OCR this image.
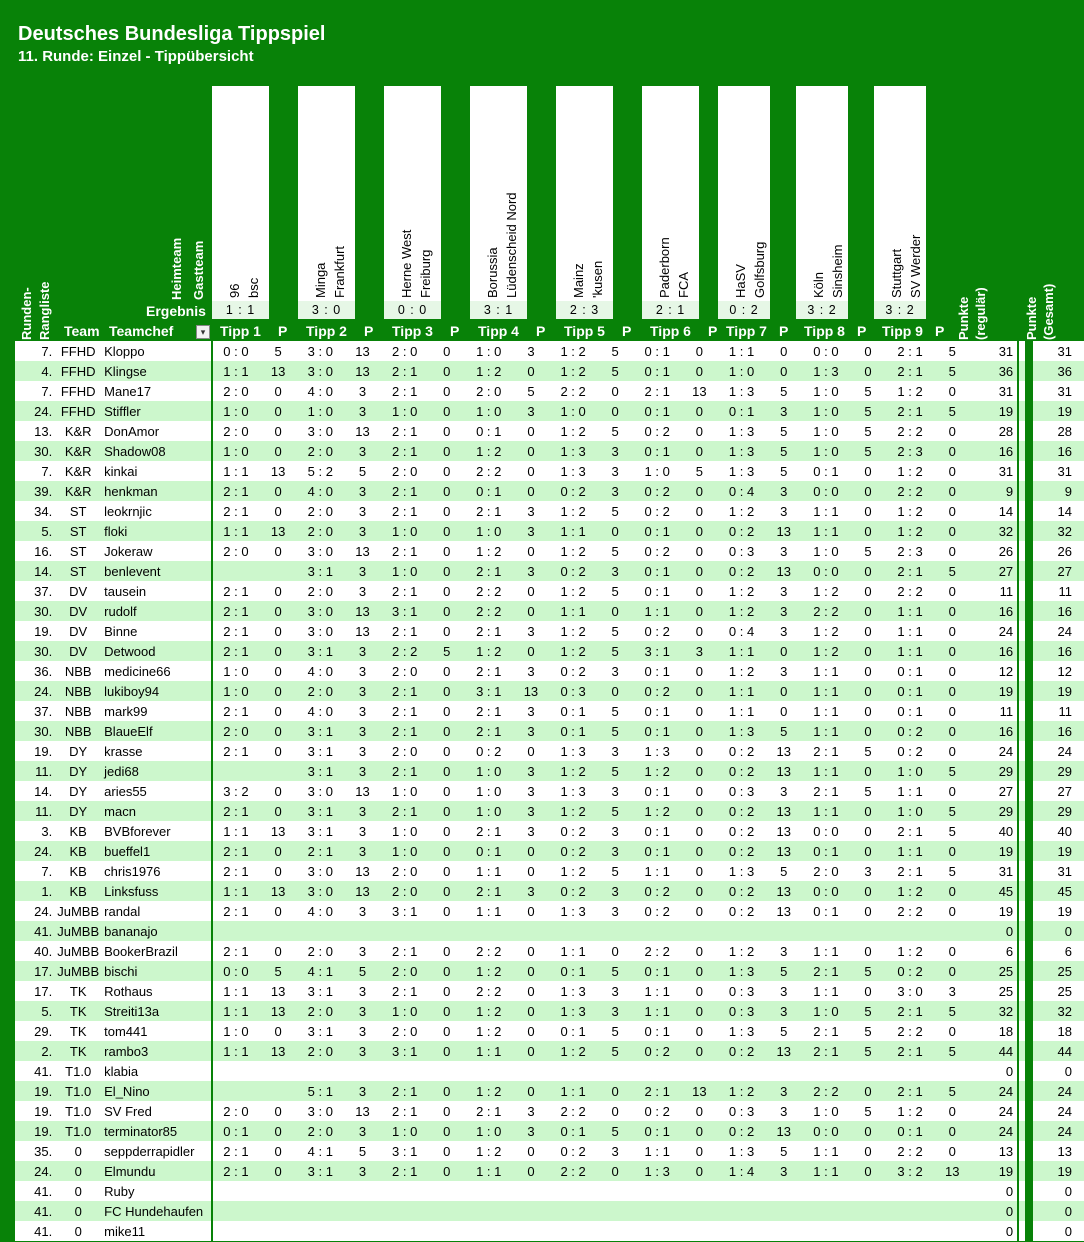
Deutsches Bundesliga Tippspiel
11. Runde: Einzel - Tippübersicht
96 bsc
1 : 1
Tipp 1 P
Minga Frankfurt
3 : 0
Tipp 2 P
Herne West Freiburg
0 : 0
Tipp 3 P
Borussia Lüdenscheid Nord
3 : 1
Tipp 4 P
Mainz 'kusen
2 : 3
Tipp 5 P
Paderborn FCA
2 : 1
Tipp 6 P
HaSV Golfsburg
0 : 2
Tipp 7 P
Köln Sinsheim
3 : 2
Tipp 8 P
Stuttgart SV Werder
3 : 2
Tipp 9 P
Heimteam Gastteam
Ergebnis
Runden- Rangliste Team Teamchef	▾	Punkte (regulär)	Punkte (Gesamt)
7.	FFHD	Kloppo	0 : 0	5	3 : 0	13	2 : 0	0	1 : 0	3	1 : 2	5	0 : 1	0	1 : 1	0	0 : 0	0	2 : 1	5	31		31
4.	FFHD	Klingse	1 : 1	13	3 : 0	13	2 : 1	0	1 : 2	0	1 : 2	5	0 : 1	0	1 : 0	0	1 : 3	0	2 : 1	5	36		36
7.	FFHD	Mane17	2 : 0	0	4 : 0	3	2 : 1	0	2 : 0	5	2 : 2	0	2 : 1	13	1 : 3	5	1 : 0	5	1 : 2	0	31		31
24.	FFHD	Stiffler	1 : 0	0	1 : 0	3	1 : 0	0	1 : 0	3	1 : 0	0	0 : 1	0	0 : 1	3	1 : 0	5	2 : 1	5	19		19
13.	K&R	DonAmor	2 : 0	0	3 : 0	13	2 : 1	0	0 : 1	0	1 : 2	5	0 : 2	0	1 : 3	5	1 : 0	5	2 : 2	0	28		28
30.	K&R	Shadow08	1 : 0	0	2 : 0	3	2 : 1	0	1 : 2	0	1 : 3	3	0 : 1	0	1 : 3	5	1 : 0	5	2 : 3	0	16		16
7.	K&R	kinkai	1 : 1	13	5 : 2	5	2 : 0	0	2 : 2	0	1 : 3	3	1 : 0	5	1 : 3	5	0 : 1	0	1 : 2	0	31		31
39.	K&R	henkman	2 : 1	0	4 : 0	3	2 : 1	0	0 : 1	0	0 : 2	3	0 : 2	0	0 : 4	3	0 : 0	0	2 : 2	0	9		9
34.	ST	leokrnjic	2 : 1	0	2 : 0	3	2 : 1	0	2 : 1	3	1 : 2	5	0 : 2	0	1 : 2	3	1 : 1	0	1 : 2	0	14		14
5.	ST	floki	1 : 1	13	2 : 0	3	1 : 0	0	1 : 0	3	1 : 1	0	0 : 1	0	0 : 2	13	1 : 1	0	1 : 2	0	32		32
16.	ST	Jokeraw	2 : 0	0	3 : 0	13	2 : 1	0	1 : 2	0	1 : 2	5	0 : 2	0	0 : 3	3	1 : 0	5	2 : 3	0	26		26
14.	ST	benlevent			3 : 1	3	1 : 0	0	2 : 1	3	0 : 2	3	0 : 1	0	0 : 2	13	0 : 0	0	2 : 1	5	27		27
37.	DV	tausein	2 : 1	0	2 : 0	3	2 : 1	0	2 : 2	0	1 : 2	5	0 : 1	0	1 : 2	3	1 : 2	0	2 : 2	0	11		11
30.	DV	rudolf	2 : 1	0	3 : 0	13	3 : 1	0	2 : 2	0	1 : 1	0	1 : 1	0	1 : 2	3	2 : 2	0	1 : 1	0	16		16
19.	DV	Binne	2 : 1	0	3 : 0	13	2 : 1	0	2 : 1	3	1 : 2	5	0 : 2	0	0 : 4	3	1 : 2	0	1 : 1	0	24		24
30.	DV	Detwood	2 : 1	0	3 : 1	3	2 : 2	5	1 : 2	0	1 : 2	5	3 : 1	3	1 : 1	0	1 : 2	0	1 : 1	0	16		16
36.	NBB	medicine66	1 : 0	0	4 : 0	3	2 : 0	0	2 : 1	3	0 : 2	3	0 : 1	0	1 : 2	3	1 : 1	0	0 : 1	0	12		12
24.	NBB	lukiboy94	1 : 0	0	2 : 0	3	2 : 1	0	3 : 1	13	0 : 3	0	0 : 2	0	1 : 1	0	1 : 1	0	0 : 1	0	19		19
37.	NBB	mark99	2 : 1	0	4 : 0	3	2 : 1	0	2 : 1	3	0 : 1	5	0 : 1	0	1 : 1	0	1 : 1	0	0 : 1	0	11		11
30.	NBB	BlaueElf	2 : 0	0	3 : 1	3	2 : 1	0	2 : 1	3	0 : 1	5	0 : 1	0	1 : 3	5	1 : 1	0	0 : 2	0	16		16
19.	DY	krasse	2 : 1	0	3 : 1	3	2 : 0	0	0 : 2	0	1 : 3	3	1 : 3	0	0 : 2	13	2 : 1	5	0 : 2	0	24		24
11.	DY	jedi68			3 : 1	3	2 : 1	0	1 : 0	3	1 : 2	5	1 : 2	0	0 : 2	13	1 : 1	0	1 : 0	5	29		29
14.	DY	aries55	3 : 2	0	3 : 0	13	1 : 0	0	1 : 0	3	1 : 3	3	0 : 1	0	0 : 3	3	2 : 1	5	1 : 1	0	27		27
11.	DY	macn	2 : 1	0	3 : 1	3	2 : 1	0	1 : 0	3	1 : 2	5	1 : 2	0	0 : 2	13	1 : 1	0	1 : 0	5	29		29
3.	KB	BVBforever	1 : 1	13	3 : 1	3	1 : 0	0	2 : 1	3	0 : 2	3	0 : 1	0	0 : 2	13	0 : 0	0	2 : 1	5	40		40
24.	KB	bueffel1	2 : 1	0	2 : 1	3	1 : 0	0	0 : 1	0	0 : 2	3	0 : 1	0	0 : 2	13	0 : 1	0	1 : 1	0	19		19
7.	KB	chris1976	2 : 1	0	3 : 0	13	2 : 0	0	1 : 1	0	1 : 2	5	1 : 1	0	1 : 3	5	2 : 0	3	2 : 1	5	31		31
1.	KB	Linksfuss	1 : 1	13	3 : 0	13	2 : 0	0	2 : 1	3	0 : 2	3	0 : 2	0	0 : 2	13	0 : 0	0	1 : 2	0	45		45
24.	JuMBB	randal	2 : 1	0	4 : 0	3	3 : 1	0	1 : 1	0	1 : 3	3	0 : 2	0	0 : 2	13	0 : 1	0	2 : 2	0	19		19
41.	JuMBB	bananajo																			0		0
40.	JuMBB	BookerBrazil	2 : 1	0	2 : 0	3	2 : 1	0	2 : 2	0	1 : 1	0	2 : 2	0	1 : 2	3	1 : 1	0	1 : 2	0	6		6
17.	JuMBB	bischi	0 : 0	5	4 : 1	5	2 : 0	0	1 : 2	0	0 : 1	5	0 : 1	0	1 : 3	5	2 : 1	5	0 : 2	0	25		25
17.	TK	Rothaus	1 : 1	13	3 : 1	3	2 : 1	0	2 : 2	0	1 : 3	3	1 : 1	0	0 : 3	3	1 : 1	0	3 : 0	3	25		25
5.	TK	Streiti13a	1 : 1	13	2 : 0	3	1 : 0	0	1 : 2	0	1 : 3	3	1 : 1	0	0 : 3	3	1 : 0	5	2 : 1	5	32		32
29.	TK	tom441	1 : 0	0	3 : 1	3	2 : 0	0	1 : 2	0	0 : 1	5	0 : 1	0	1 : 3	5	2 : 1	5	2 : 2	0	18		18
2.	TK	rambo3	1 : 1	13	2 : 0	3	3 : 1	0	1 : 1	0	1 : 2	5	0 : 2	0	0 : 2	13	2 : 1	5	2 : 1	5	44		44
41.	T1.0	klabia																			0		0
19.	T1.0	El_Nino			5 : 1	3	2 : 1	0	1 : 2	0	1 : 1	0	2 : 1	13	1 : 2	3	2 : 2	0	2 : 1	5	24		24
19.	T1.0	SV Fred	2 : 0	0	3 : 0	13	2 : 1	0	2 : 1	3	2 : 2	0	0 : 2	0	0 : 3	3	1 : 0	5	1 : 2	0	24		24
19.	T1.0	terminator85	0 : 1	0	2 : 0	3	1 : 0	0	1 : 0	3	0 : 1	5	0 : 1	0	0 : 2	13	0 : 0	0	0 : 1	0	24		24
35.	0	seppderrapidler	2 : 1	0	4 : 1	5	3 : 1	0	1 : 2	0	0 : 2	3	1 : 1	0	1 : 3	5	1 : 1	0	2 : 2	0	13		13
24.	0	Elmundu	2 : 1	0	3 : 1	3	2 : 1	0	1 : 1	0	2 : 2	0	1 : 3	0	1 : 4	3	1 : 1	0	3 : 2	13	19		19
41.	0	Ruby																			0		0
41.	0	FC Hundehaufen																			0		0
41.	0	mike11																			0		0
